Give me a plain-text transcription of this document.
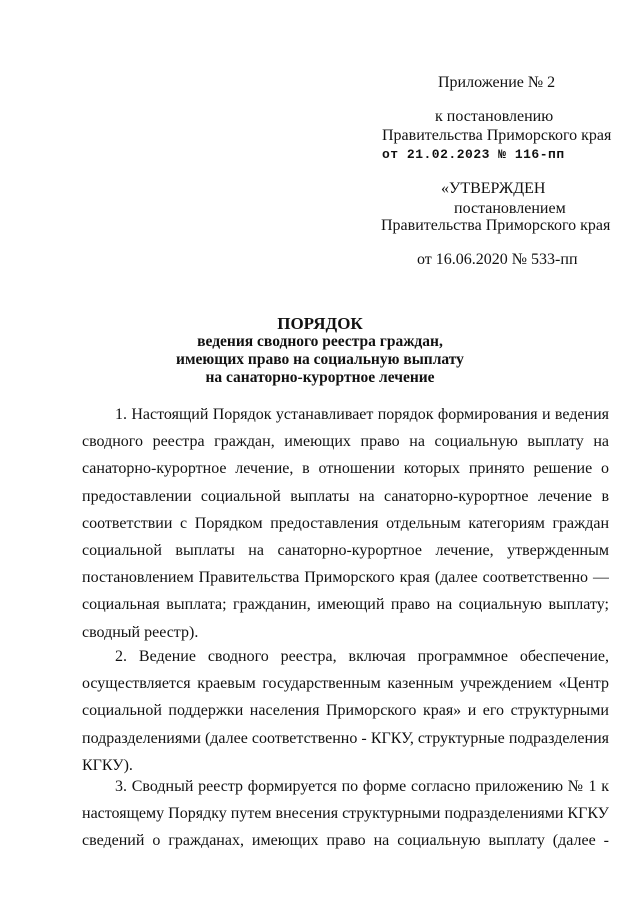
Приложение № 2
к постановлению
Правительства Приморского края
от 21.02.2023 № 116-пп
«УТВЕРЖДЕН
постановлением
Правительства Приморского края
от 16.06.2020 № 533-пп
ПОРЯДОК
ведения сводного реестра граждан,
имеющих право на социальную выплату
на санаторно-курортное лечение
1. Настоящий Порядок устанавливает порядок формирования и ведения
сводного реестра граждан, имеющих право на социальную выплату на
санаторно-курортное лечение, в отношении которых принято решение о
предоставлении социальной выплаты на санаторно-курортное лечение в
соответствии с Порядком предоставления отдельным категориям граждан
социальной выплаты на санаторно-курортное лечение, утвержденным
постановлением Правительства Приморского края (далее соответственно —
социальная выплата; гражданин, имеющий право на социальную выплату;
сводный реестр).
2. Ведение сводного реестра, включая программное обеспечение,
осуществляется краевым государственным казенным учреждением «Центр
социальной поддержки населения Приморского края» и его структурными
подразделениями (далее соответственно - КГКУ, структурные подразделения
КГКУ).
3. Сводный реестр формируется по форме согласно приложению № 1 к
настоящему Порядку путем внесения структурными подразделениями КГКУ
сведений о гражданах, имеющих право на социальную выплату (далее -
